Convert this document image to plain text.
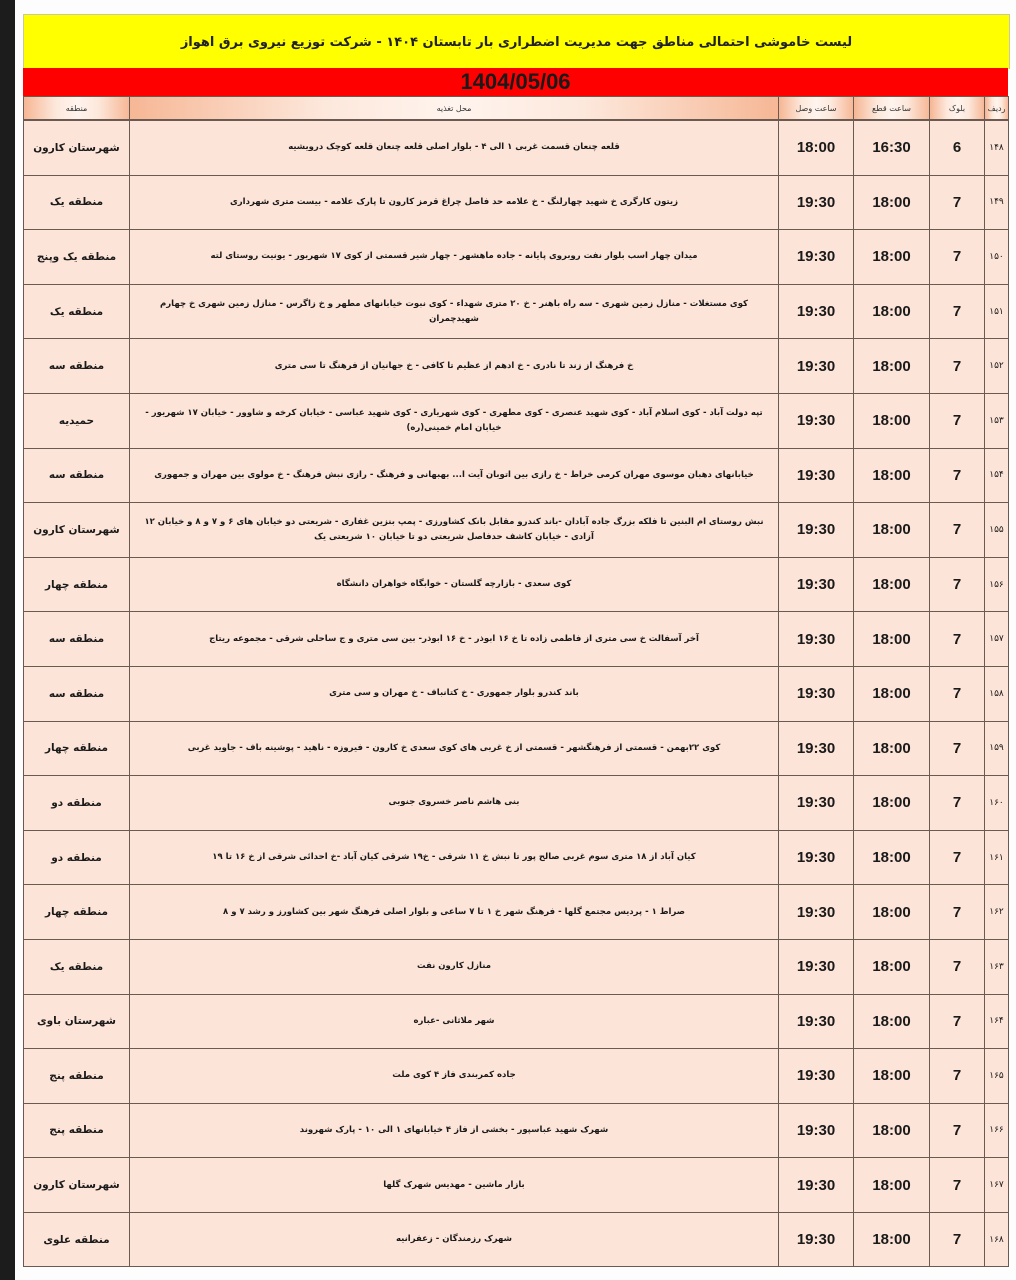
لیست خاموشی احتمالی مناطق جهت مدیریت اضطراری بار تابستان ۱۴۰۴ - شرکت توزیع نیروی برق اهواز
1404/05/06
ردیف	بلوک	ساعت قطع	ساعت وصل	محل تغذیه	منطقه
۱۴۸	6	16:30	18:00	قلعه چنعان قسمت غربی ۱ الی ۴ - بلوار اصلی قلعه چنعان قلعه کوچک درویشیه	شهرستان کارون
۱۴۹	7	18:00	19:30	زیتون کارگری خ شهید چهارلنگ - خ علامه حد فاصل چراغ قرمز کارون تا پارک علامه - بیست متری شهرداری	منطقه یک
۱۵۰	7	18:00	19:30	میدان چهار اسب بلوار نفت روبروی پایانه - جاده ماهشهر - چهار شیر قسمتی از کوی ۱۷ شهریور - یونیت روستای لته	منطقه یک وپنج
۱۵۱	7	18:00	19:30	کوی مستغلات - منازل زمین شهری - سه راه باهنر - خ ۲۰ متری شهداء - کوی نبوت خیابانهای مطهر و خ زاگرس - منازل زمین شهری خ چهارم شهیدچمران	منطقه یک
۱۵۲	7	18:00	19:30	خ فرهنگ از زند تا نادری - خ ادهم از عظیم تا کافی - خ جهانیان از فرهنگ تا سی متری	منطقه سه
۱۵۳	7	18:00	19:30	تپه دولت آباد - کوی اسلام آباد - کوی شهید عنصری - کوی مطهری - کوی شهریاری - کوی شهید عباسی - خیابان کرخه و شاوور - خیابان ۱۷ شهریور - خیابان امام خمینی(ره)	حمیدیه
۱۵۴	7	18:00	19:30	خیابانهای دهبان موسوی مهران کرمی خراط - خ رازی بین اتوبان آیت ا... بهبهانی و فرهنگ - رازی نبش فرهنگ - خ مولوی بین مهران و جمهوری	منطقه سه
۱۵۵	7	18:00	19:30	نبش روستای ام البنین تا فلکه بزرگ جاده آبادان -باند کندرو مقابل بانک کشاورزی - پمپ بنزین غفاری - شریعتی دو خیابان های ۶ و ۷ و ۸ و خیابان ۱۲ آزادی - خیابان کاشف حدفاصل شریعتی دو تا خیابان ۱۰ شریعتی یک	شهرستان کارون
۱۵۶	7	18:00	19:30	کوی سعدی - بازارچه گلستان - خوابگاه خواهران دانشگاه	منطقه چهار
۱۵۷	7	18:00	19:30	آخر آسفالت خ سی متری از فاطمی زاده تا خ ۱۶ ابوذر - خ ۱۶ ابوذر- بین سی متری و ج ساحلی شرقی - مجموعه ریتاج	منطقه سه
۱۵۸	7	18:00	19:30	باند کندرو بلوار جمهوری - خ کتانباف - خ مهران و سی متری	منطقه سه
۱۵۹	7	18:00	19:30	کوی ۲۲بهمن - قسمتی از فرهنگشهر - قسمتی از خ غربی های کوی سعدی خ کارون - فیروزه - ناهید - پوشینه باف - جاوید غربی	منطقه چهار
۱۶۰	7	18:00	19:30	بنی هاشم ناصر خسروی جنوبی	منطقه دو
۱۶۱	7	18:00	19:30	کیان آباد از ۱۸ متری سوم غربی صالح پور تا نبش خ ۱۱ شرقی - خ۱۹ شرقی کیان آباد -خ احدائی شرقی از خ ۱۶ تا ۱۹	منطقه دو
۱۶۲	7	18:00	19:30	صراط ۱ - پردیس مجتمع گلها - فرهنگ شهر خ ۱ تا ۷ ساعی و بلوار اصلی فرهنگ شهر بین کشاورز و رشد ۷ و ۸	منطقه چهار
۱۶۳	7	18:00	19:30	منازل کارون نفت	منطقه یک
۱۶۴	7	18:00	19:30	شهر ملاثانی -عباره	شهرستان باوی
۱۶۵	7	18:00	19:30	جاده کمربندی فاز ۴ کوی ملت	منطقه پنج
۱۶۶	7	18:00	19:30	شهرک شهید عباسپور - بخشی از فاز ۴ خیابانهای ۱ الی ۱۰ - پارک شهروند	منطقه پنج
۱۶۷	7	18:00	19:30	بازار ماشین - مهدیس شهرک گلها	شهرستان کارون
۱۶۸	7	18:00	19:30	شهرک رزمندگان - زعفرانیه	منطقه علوی
